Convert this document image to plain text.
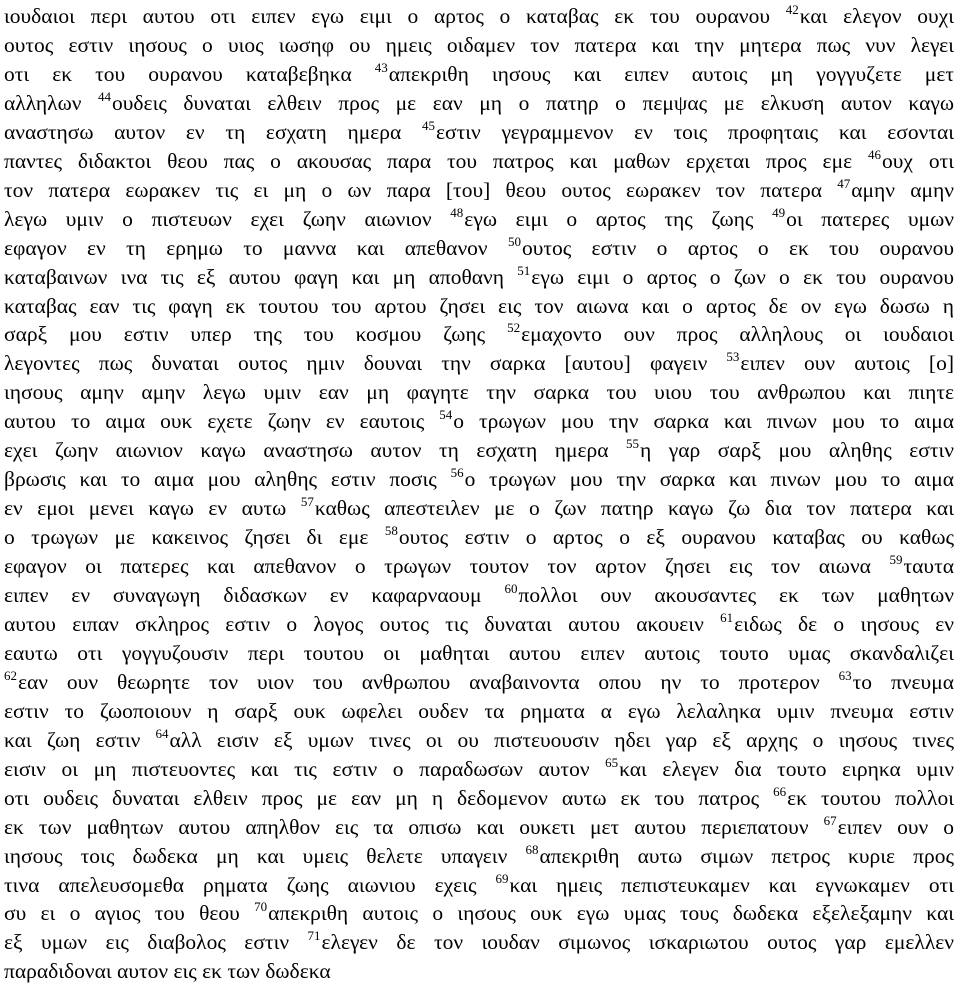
ιουδαιοι περι αυτου οτι ειπεν εγω ειμι ο αρτος ο καταβας εκ του ουρανου $^{42}$και ελεγον ουχι
ουτος εστιν ιησους ο υιος ιωσηφ ου ημεις οιδαμεν τον πατερα και την μητερα πως νυν λεγει
οτι εκ του ουρανου καταβεβηκα $^{43}$απεκριθη ιησους και ειπεν αυτοις μη γογγυζετε μετ
αλληλων $^{44}$ουδεις δυναται ελθειν προς με εαν μη ο πατηρ ο πεμψας με ελκυση αυτον καγω
αναστησω αυτον εν τη εσχατη ημερα $^{45}$εστιν γεγραμμενον εν τοις προφηταις και εσονται
παντες διδακτοι θεου πας ο ακουσας παρα του πατρος και μαθων ερχεται προς εμε $^{46}$ουχ οτι
τον πατερα εωρακεν τις ει μη ο ων παρα [του] θεου ουτος εωρακεν τον πατερα $^{47}$αμην αμην
λεγω υμιν ο πιστευων εχει ζωην αιωνιον $^{48}$εγω ειμι ο αρτος της ζωης $^{49}$οι πατερες υμων
εφαγον εν τη ερημω το μαννα και απεθανον $^{50}$ουτος εστιν ο αρτος ο εκ του ουρανου
καταβαινων ινα τις εξ αυτου φαγη και μη αποθανη $^{51}$εγω ειμι ο αρτος ο ζων ο εκ του ουρανου
καταβας εαν τις φαγη εκ τουτου του αρτου ζησει εις τον αιωνα και ο αρτος δε ον εγω δωσω η
σαρξ μου εστιν υπερ της του κοσμου ζωης $^{52}$εμαχοντο ουν προς αλληλους οι ιουδαιοι
λεγοντες πως δυναται ουτος ημιν δουναι την σαρκα [αυτου] φαγειν $^{53}$ειπεν ουν αυτοις [ο]
ιησους αμην αμην λεγω υμιν εαν μη φαγητε την σαρκα του υιου του ανθρωπου και πιητε
αυτου το αιμα ουκ εχετε ζωην εν εαυτοις $^{54}$ο τρωγων μου την σαρκα και πινων μου το αιμα
εχει ζωην αιωνιον καγω αναστησω αυτον τη εσχατη ημερα $^{55}$η γαρ σαρξ μου αληθης εστιν
βρωσις και το αιμα μου αληθης εστιν ποσις $^{56}$ο τρωγων μου την σαρκα και πινων μου το αιμα
εν εμοι μενει καγω εν αυτω $^{57}$καθως απεστειλεν με ο ζων πατηρ καγω ζω δια τον πατερα και
ο τρωγων με κακεινος ζησει δι εμε $^{58}$ουτος εστιν ο αρτος ο εξ ουρανου καταβας ου καθως
εφαγον οι πατερες και απεθανον ο τρωγων τουτον τον αρτον ζησει εις τον αιωνα $^{59}$ταυτα
ειπεν εν συναγωγη διδασκων εν καφαρναουμ $^{60}$πολλοι ουν ακουσαντες εκ των μαθητων
αυτου ειπαν σκληρος εστιν ο λογος ουτος τις δυναται αυτου ακουειν $^{61}$ειδως δε ο ιησους εν
εαυτω οτι γογγυζουσιν περι τουτου οι μαθηται αυτου ειπεν αυτοις τουτο υμας σκανδαλιζει
$^{62}$εαν ουν θεωρητε τον υιον του ανθρωπου αναβαινοντα οπου ην το προτερον $^{63}$το πνευμα
εστιν το ζωοποιουν η σαρξ ουκ ωφελει ουδεν τα ρηματα α εγω λελαληκα υμιν πνευμα εστιν
και ζωη εστιν $^{64}$αλλ εισιν εξ υμων τινες οι ου πιστευουσιν ηδει γαρ εξ αρχης ο ιησους τινες
εισιν οι μη πιστευοντες και τις εστιν ο παραδωσων αυτον $^{65}$και ελεγεν δια τουτο ειρηκα υμιν
οτι ουδεις δυναται ελθειν προς με εαν μη η δεδομενον αυτω εκ του πατρος $^{66}$εκ τουτου πολλοι
εκ των μαθητων αυτου απηλθον εις τα οπισω και ουκετι μετ αυτου περιεπατουν $^{67}$ειπεν ουν ο
ιησους τοις δωδεκα μη και υμεις θελετε υπαγειν $^{68}$απεκριθη αυτω σιμων πετρος κυριε προς
τινα απελευσομεθα ρηματα ζωης αιωνιου εχεις $^{69}$και ημεις πεπιστευκαμεν και εγνωκαμεν οτι
συ ει ο αγιος του θεου $^{70}$απεκριθη αυτοις ο ιησους ουκ εγω υμας τους δωδεκα εξελεξαμην και
εξ υμων εις διαβολος εστιν $^{71}$ελεγεν δε τον ιουδαν σιμωνος ισκαριωτου ουτος γαρ εμελλεν
παραδιδοναι αυτον εις εκ των δωδεκα
